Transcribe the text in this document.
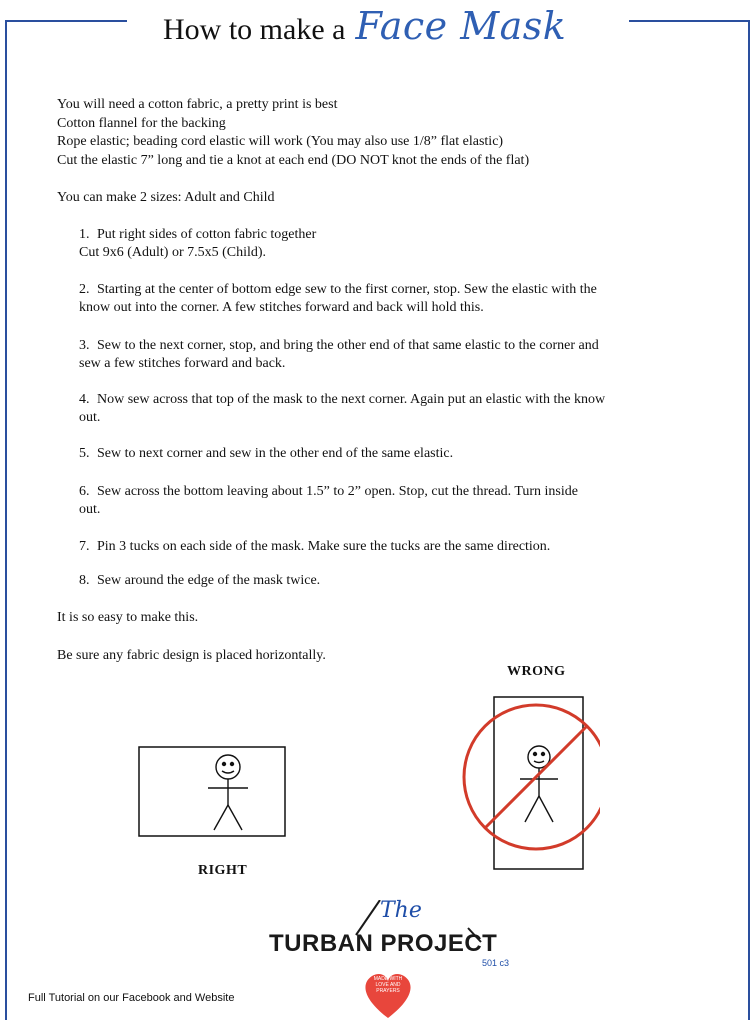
How to make a Face Mask
You will need a cotton fabric, a pretty print is best
Cotton flannel for the backing
Rope elastic; beading cord elastic will work (You may also use 1/8” flat elastic)
Cut the elastic 7” long and tie a knot at each end (DO NOT knot the ends of the flat)
You can make 2 sizes: Adult and Child
1. Put right sides of cotton fabric together
Cut 9x6 (Adult) or 7.5x5 (Child).
2. Starting at the center of bottom edge sew to the first corner, stop. Sew the elastic with the
know out into the corner. A few stitches forward and back will hold this.
3. Sew to the next corner, stop, and bring the other end of that same elastic to the corner and
sew a few stitches forward and back.
4. Now sew across that top of the mask to the next corner. Again put an elastic with the know
out.
5. Sew to next corner and sew in the other end of the same elastic.
6. Sew across the bottom leaving about 1.5” to 2” open. Stop, cut the thread. Turn inside
out.
7. Pin 3 tucks on each side of the mask. Make sure the tucks are the same direction.
8. Sew around the edge of the mask twice.
It is so easy to make this.
Be sure any fabric design is placed horizontally.
WRONG
RIGHT
The
TURBAN PROJECT
501 c3
FREE TURBANS
MADE WITH
LOVE AND
PRAYERS
Full Tutorial on our Facebook and Website
